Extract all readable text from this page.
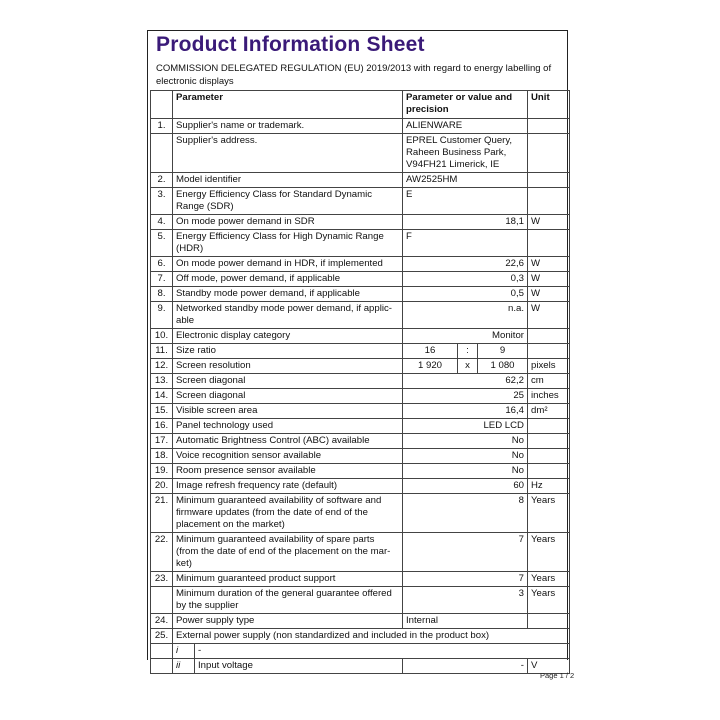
Product Information Sheet
COMMISSION DELEGATED REGULATION (EU) 2019/2013 with regard to energy labelling of electronic displays
	Parameter		Parameter or value and precision			Unit
1.	Supplier's name or trademark.		ALIENWARE			
	Supplier's address.		EPREL Customer Query, Raheen Business Park, V94FH21 Limerick, IE			
2.	Model identifier		AW2525HM			
3.	Energy Efficiency Class for Standard Dynamic Range (SDR)		E			
4.	On mode power demand in SDR		18,1			W
5.	Energy Efficiency Class for High Dynamic Range (HDR)		F			
6.	On mode power demand in HDR, if implemented		22,6			W
7.	Off mode, power demand, if applicable		0,3			W
8.	Standby mode power demand, if applicable		0,5			W
9.	Networked standby mode power demand, if applic-able		n.a.			W
10.	Electronic display category		Monitor			
11.	Size ratio		16	:	9	
12.	Screen resolution		1 920	x	1 080	pixels
13.	Screen diagonal		62,2			cm
14.	Screen diagonal		25			inches
15.	Visible screen area		16,4			dm²
16.	Panel technology used		LED LCD			
17.	Automatic Brightness Control (ABC) available		No			
18.	Voice recognition sensor available		No			
19.	Room presence sensor available		No			
20.	Image refresh frequency rate (default)		60			Hz
21.	Minimum guaranteed availability of software and firmware updates (from the date of end of the placement on the market)		8			Years
22.	Minimum guaranteed availability of spare parts (from the date of end of the placement on the mar-ket)		7			Years
23.	Minimum guaranteed product support		7			Years
	Minimum duration of the general guarantee offered by the supplier		3			Years
24.	Power supply type		Internal			
25.	External power supply (non standardized and included in the product box)					
	i	-				
	ii	Input voltage	-			V
Page 1 / 2
